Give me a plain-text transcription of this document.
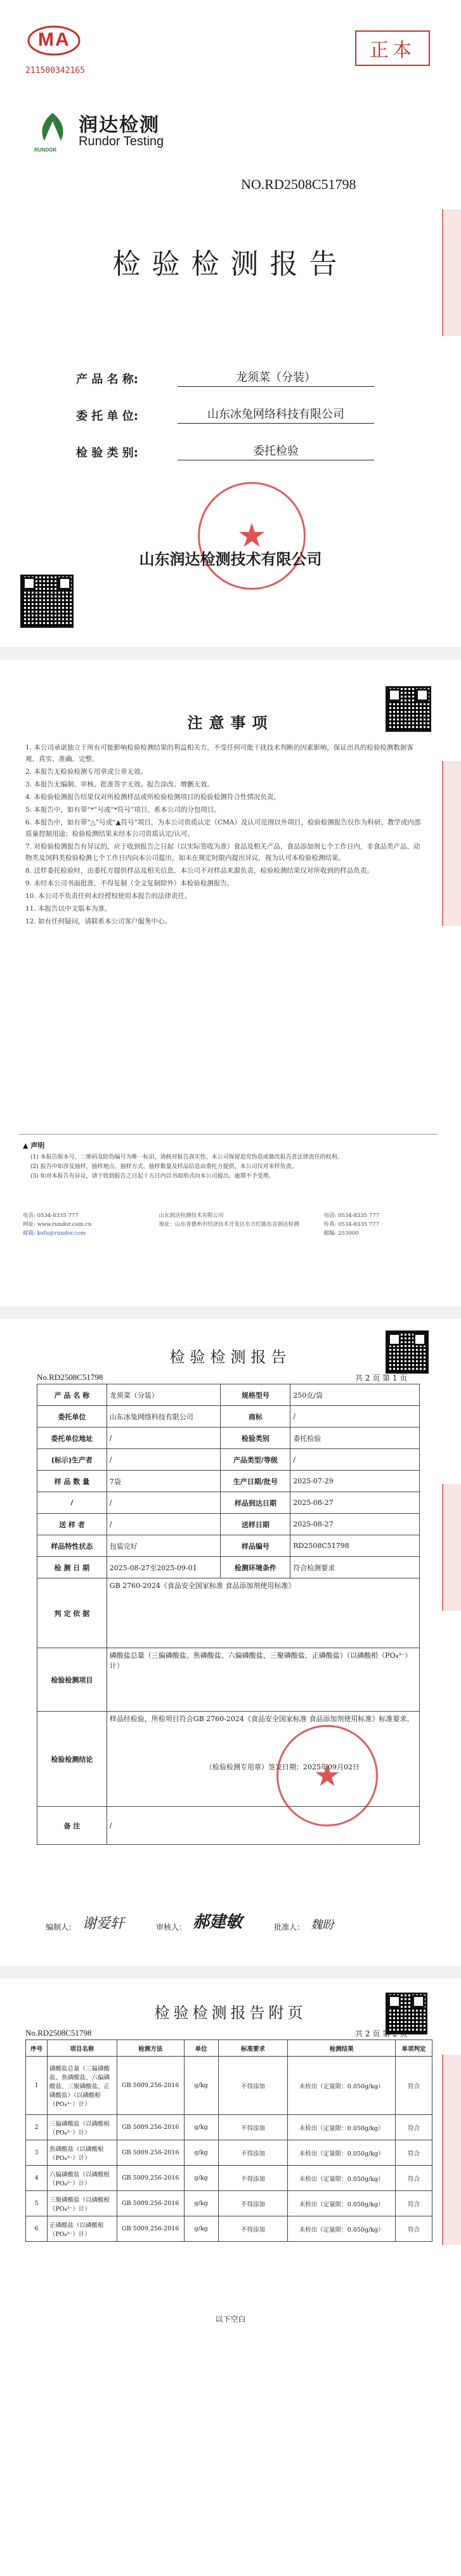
MA
211500342165
正本
RUNDOR
润达检测
Rundor Testing
NO.RD2508C51798
检验检测报告
产 品 名 称:	龙须菜（分装）
委 托 单 位:	山东冰兔网络科技有限公司
检 验 类 别:	委托检验
★
山东润达检测技术有限公司
注意事项

1. 本公司承诺独立于所有可能影响检验检测结果的利益相关方，不受任何可能干扰技术判断的因素影响，保证出具的检验检测数据客观、真实、准确、完整。

2. 本报告无检验检测专用章或公章无效。

3. 本报告无编制、审核、批准签字无效。报告涂改、增删无效。

4. 本检验检测报告结果仅对所检测样品或所检验检测项目的检验检测符合性情况负责。

5. 本报告中，如有带“*”号或“*符号”项目，系本公司的分包项目。

6. 本报告中，如有带“△”号或“▲符号”项目，为本公司资质认定（CMA）及认可范围以外项目，检验检测报告仅作为科研、教学或内部质量控制用途；检验检测结果未经本公司资质认定/认可。

7. 对检验检测报告有异议的，应于收到报告之日起（以实际签收为准）食品及相关产品、食品添加剂七个工作日内，非食品类产品、动物类及饲料类检验检测七个工作日内向本公司提出，如未在规定时限内提出异议，视为认可本检验检测结果。

8. 送样委托检验时，由委托方提供样品及相关信息，本公司不对样品来源负责，检验检测结果仅对所收到的样品负责。

9. 未经本公司书面批准，不得复制（全文复制除外）本检验检测报告。

10. 本公司不负责任何未经授权使用本报告的法律责任。

11. 本报告以中文版本为准。

12. 如有任何疑问，请联系本公司客户服务中心。

▲ 声明
(1) 本报告版本号、二维码及防伪编号为唯一标识，请核对报告真实性，本公司保留追究伪造或篡改报告者法律责任的权利。
(2) 报告中如涉及抽样，抽样地点、抽样方式、抽样数量及样品信息由委托方提供，本公司仅对来样负责。
(3) 如对本报告有异议，请于收到报告之日起十五日内以书面形式向本公司提出，逾期不予受理。
电话: 0534-8335 777
网址: www.rundor.com.cn
邮箱: kefu@rundor.com
山东润达检测技术有限公司
地址：山东省德州市经济技术开发区东方红路东首润达检测
电话: 0534-8335 777
传真: 0534-8335 777
邮编: 253000
检验检测报告
No.RD2508C51798	共 2 页 第 1 页
产 品 名 称	龙须菜（分装）	规格型号	250克/袋
委托单位	山东冰兔网络科技有限公司	商标	/
委托单位地址	/	检验类别	委托检验
(标示)生产者	/	产品类型/等级	/
样 品 数 量	7袋	生产日期/批号	2025-07-29
/	/	样品到达日期	2025-08-27
送 样 者	/	送样日期	2025-08-27
样品特性状态	包装完好	样品编号	RD2508C51798
检 测 日 期	2025-08-27至2025-09-01	检测环境条件	符合检测要求
判 定 依 据	GB 2760-2024《食品安全国家标准 食品添加剂使用标准》		
检验检测项目	磷酸盐总量（三偏磷酸盐、焦磷酸盐、六偏磷酸盐、三聚磷酸盐、正磷酸盐）（以磷酸根（PO₄³⁻）计）		
检验检测结论	样品经检验，所检项目符合GB 2760-2024《食品安全国家标准 食品添加剂使用标准》标准要求。
（检验检测专用章）签发日期：2025年09月02日		

备 注	/		
★
编制人： 谢爱轩	审核人： 郝建敏	批准人： 魏盼
检验检测报告附页
No.RD2508C51798	共 2 页 第 2 页
序号	项目名称	检测方法	单位	标准要求	检测结果	单项判定
1	磷酸盐总量（三偏磷酸盐、焦磷酸盐、六偏磷酸盐、三聚磷酸盐、正磷酸盐）（以磷酸根（PO₄³⁻）计）	GB 5009.256-2016	g/kg	不得添加	未检出（定量限：0.050g/kg）	符合
2	三偏磷酸盐（以磷酸根（PO₄³⁻）计）	GB 5009.256-2016	g/kg	不得添加	未检出（定量限：0.050g/kg）	符合
3	焦磷酸盐（以磷酸根（PO₄³⁻）计）	GB 5009.256-2016	g/kg	不得添加	未检出（定量限：0.050g/kg）	符合
4	六偏磷酸盐（以磷酸根（PO₄³⁻）计）	GB 5009.256-2016	g/kg	不得添加	未检出（定量限：0.050g/kg）	符合
5	三聚磷酸盐（以磷酸根（PO₄³⁻）计）	GB 5009.256-2016	g/kg	不得添加	未检出（定量限：0.050g/kg）	符合
6	正磷酸盐（以磷酸根（PO₄³⁻）计）	GB 5009.256-2016	g/kg	不得添加	未检出（定量限：0.050g/kg）	符合
以下空白
